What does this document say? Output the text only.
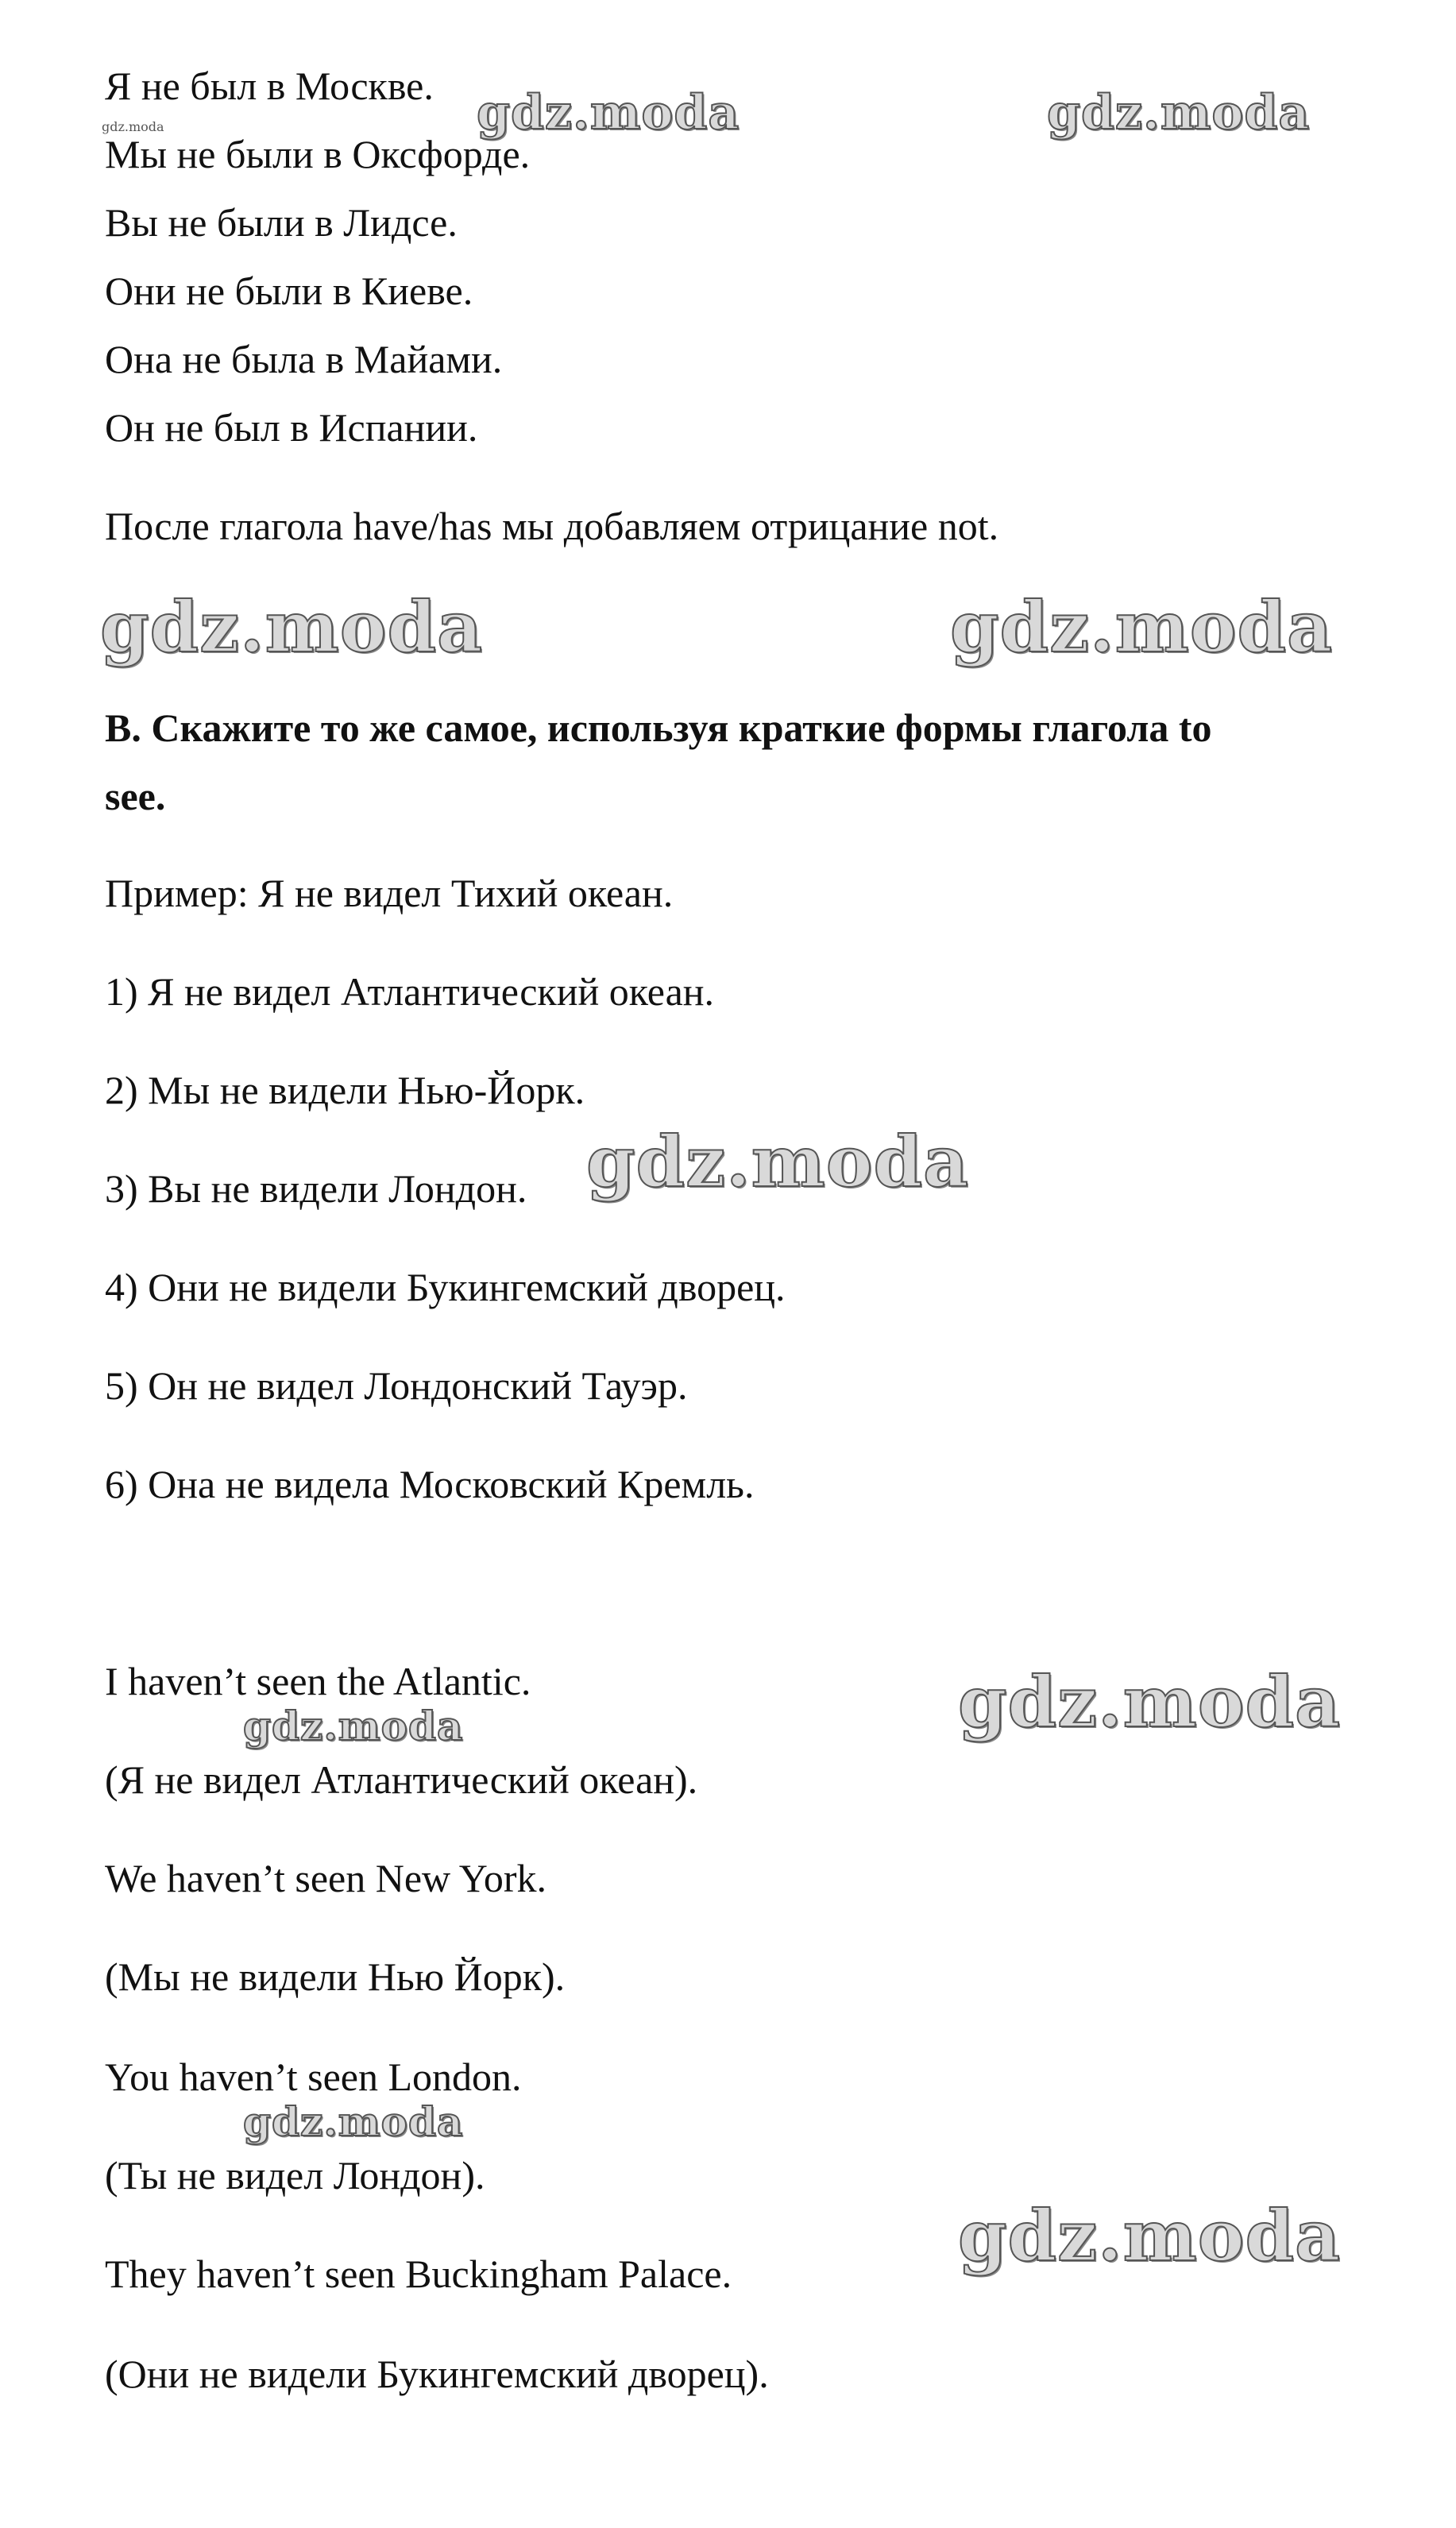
gdz.moda	gdz.moda
gdz.moda
gdz.moda	gdz.moda
gdz.moda
gdz.moda
gdz.moda
gdz.moda
gdz.moda

Я не был в Москве.

Мы не были в Оксфорде.

Вы не были в Лидсе.

Они не были в Киеве.

Она не была в Майами.

Он не был в Испании.

После глагола have/has мы добавляем отрицание not.

B. Скажите то же самое, используя краткие формы глагола to

see.

Пример: Я не видел Тихий океан.

1) Я не видел Атлантический океан.

2) Мы не видели Нью-Йорк.

3) Вы не видели Лондон.

4) Они не видели Букингемский дворец.

5) Он не видел Лондонский Тауэр.

6) Она не видела Московский Кремль.

I haven’t seen the Atlantic.

(Я не видел Атлантический океан).

We haven’t seen New York.

(Мы не видели Нью Йорк).

You haven’t seen London.

(Ты не видел Лондон).

They haven’t seen Buckingham Palace.

(Они не видели Букингемский дворец).
